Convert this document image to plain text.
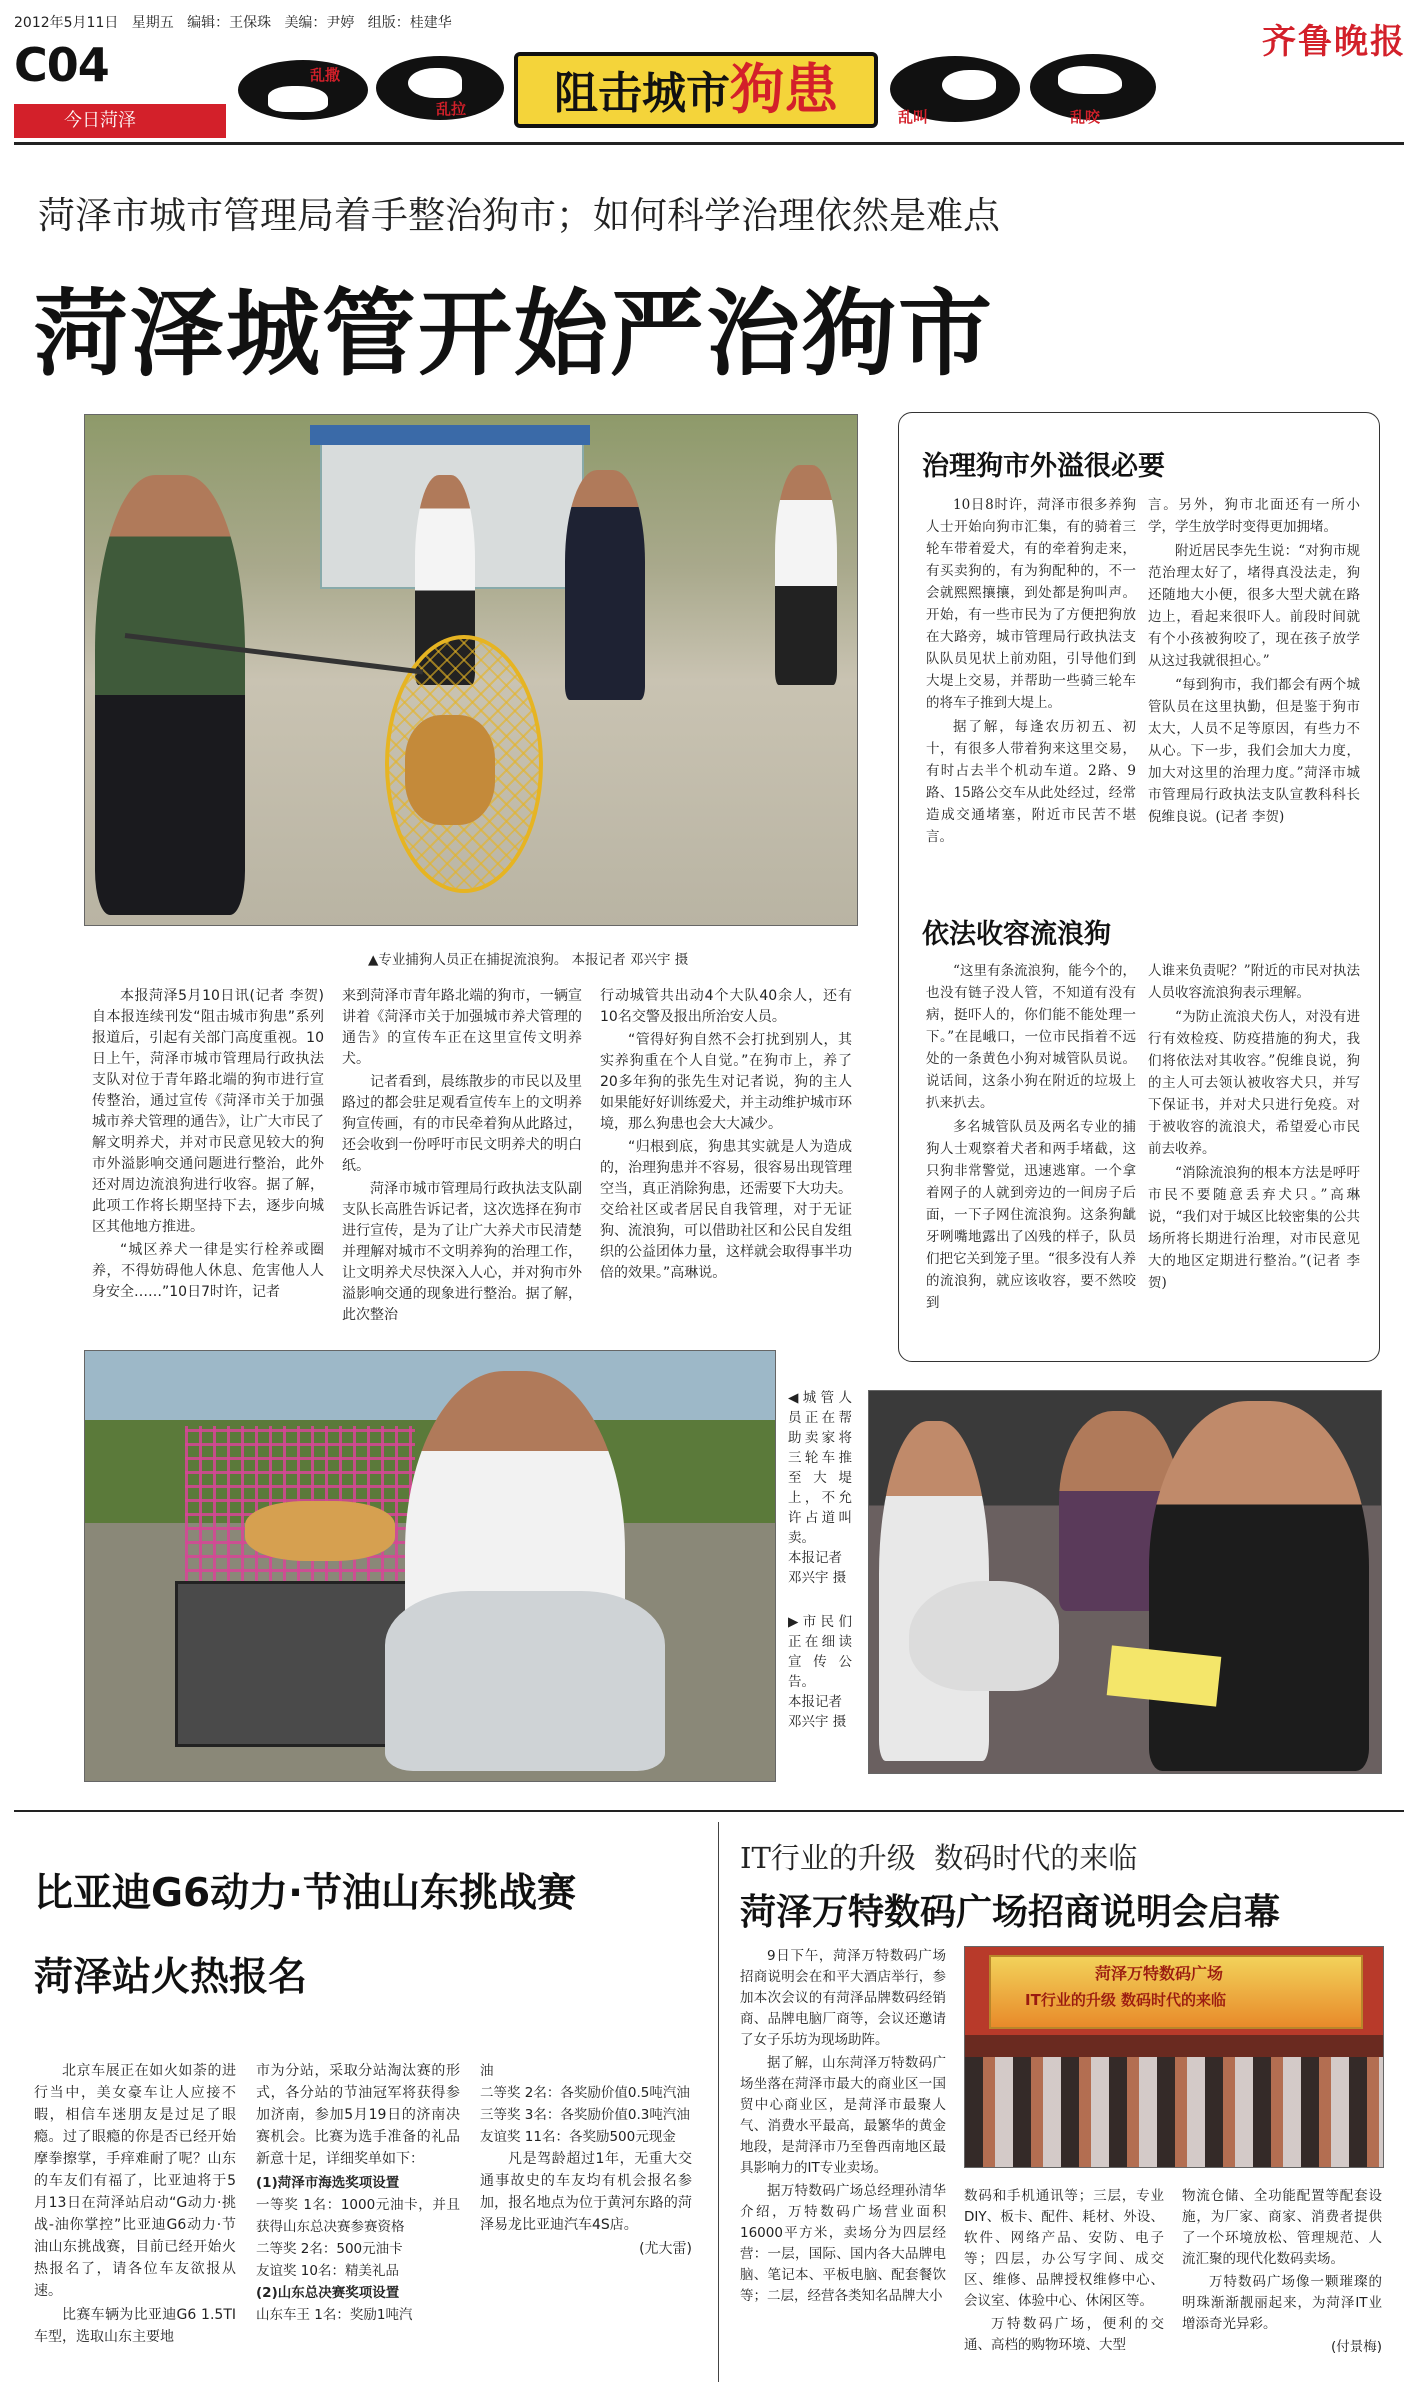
2012年5月11日 星期五 编辑：王保珠 美编：尹婷 组版：桂建华
C04
今日菏泽
齐鲁晚报
乱撒
乱拉	阻击城市狗患	乱叫	乱咬
菏泽市城市管理局着手整治狗市；如何科学治理依然是难点
菏泽城管开始严治狗市
▲专业捕狗人员正在捕捉流浪狗。 本报记者 邓兴宇 摄

本报菏泽5月10日讯(记者 李贺) 自本报连续刊发“阻击城市狗患”系列报道后，引起有关部门高度重视。10日上午，菏泽市城市管理局行政执法支队对位于青年路北端的狗市进行宣传整治，通过宣传《菏泽市关于加强城市养犬管理的通告》，让广大市民了解文明养犬，并对市民意见较大的狗市外溢影响交通问题进行整治，此外还对周边流浪狗进行收容。据了解，此项工作将长期坚持下去，逐步向城区其他地方推进。

“城区养犬一律是实行栓养或圈养，不得妨碍他人休息、危害他人人身安全……”10日7时许，记者

来到菏泽市青年路北端的狗市，一辆宣讲着《菏泽市关于加强城市养犬管理的通告》的宣传车正在这里宣传文明养犬。

记者看到，晨练散步的市民以及里路过的都会驻足观看宣传车上的文明养狗宣传画，有的市民牵着狗从此路过，还会收到一份呼吁市民文明养犬的明白纸。

菏泽市城市管理局行政执法支队副支队长高胜告诉记者，这次选择在狗市进行宣传，是为了让广大养犬市民清楚并理解对城市不文明养狗的治理工作，让文明养犬尽快深入人心，并对狗市外溢影响交通的现象进行整治。据了解，此次整治

行动城管共出动4个大队40余人，还有10名交警及报出所治安人员。

“管得好狗自然不会打扰到别人，其实养狗重在个人自觉。”在狗市上，养了20多年狗的张先生对记者说，狗的主人如果能好好训练爱犬，并主动维护城市环境，那么狗患也会大大减少。

“归根到底，狗患其实就是人为造成的，治理狗患并不容易，很容易出现管理空当，真正消除狗患，还需要下大功夫。交给社区或者居民自我管理，对于无证狗、流浪狗，可以借助社区和公民自发组织的公益团体力量，这样就会取得事半功倍的效果。”高琳说。

治理狗市外溢很必要

10日8时许，菏泽市很多养狗人士开始向狗市汇集，有的骑着三轮车带着爱犬，有的牵着狗走来，有买卖狗的，有为狗配种的，不一会就熙熙攘攘，到处都是狗叫声。开始，有一些市民为了方便把狗放在大路旁，城市管理局行政执法支队队员见状上前劝阻，引导他们到大堤上交易，并帮助一些骑三轮车的将车子推到大堤上。

据了解，每逢农历初五、初十，有很多人带着狗来这里交易，有时占去半个机动车道。2路、9路、15路公交车从此处经过，经常造成交通堵塞，附近市民苦不堪言。

言。另外，狗市北面还有一所小学，学生放学时变得更加拥堵。

附近居民李先生说：“对狗市规范治理太好了，堵得真没法走，狗还随地大小便，很多大型犬就在路边上，看起来很吓人。前段时间就有个小孩被狗咬了，现在孩子放学从这过我就很担心。”

“每到狗市，我们都会有两个城管队员在这里执勤，但是鉴于狗市太大，人员不足等原因，有些力不从心。下一步，我们会加大力度，加大对这里的治理力度。”菏泽市城市管理局行政执法支队宣教科科长倪维良说。(记者 李贺)

依法收容流浪狗

“这里有条流浪狗，能今个的，也没有链子没人管，不知道有没有病，挺吓人的，你们能不能处理一下。”在昆峨口，一位市民指着不远处的一条黄色小狗对城管队员说。说话间，这条小狗在附近的垃圾上扒来扒去。

多名城管队员及两名专业的捕狗人士观察着犬者和两手堵截，这只狗非常警觉，迅速逃窜。一个拿着网子的人就到旁边的一间房子后面，一下子网住流浪狗。这条狗龇牙咧嘴地露出了凶残的样子，队员们把它关到笼子里。“很多没有人养的流浪狗，就应该收容，要不然咬到

人谁来负责呢？”附近的市民对执法人员收容流浪狗表示理解。

“为防止流浪犬伤人，对没有进行有效检疫、防疫措施的狗犬，我们将依法对其收容。”倪维良说，狗的主人可去领认被收容犬只，并写下保证书，并对犬只进行免疫。对于被收容的流浪犬，希望爱心市民前去收养。

“消除流浪狗的根本方法是呼吁市民不要随意丢弃犬只。”高琳说，“我们对于城区比较密集的公共场所将长期进行治理，对市民意见大的地区定期进行整治。”(记者 李贺)

◀城管人员正在帮助卖家将三轮车推至大堤上，不允许占道叫卖。
本报记者
邓兴宇 摄
▶市民们正在细读宣传公告。
本报记者
邓兴宇 摄
比亚迪G6动力·节油山东挑战赛
菏泽站火热报名

北京车展正在如火如荼的进行当中，美女豪车让人应接不暇，相信车迷朋友是过足了眼瘾。过了眼瘾的你是否已经开始摩拳擦掌，手痒难耐了呢？山东的车友们有福了，比亚迪将于5月13日在菏泽站启动“G动力·挑战-油你掌控”比亚迪G6动力·节油山东挑战赛，目前已经开始火热报名了，请各位车友欲报从速。

比赛车辆为比亚迪G6 1.5TI车型，选取山东主要地

市为分站，采取分站淘汰赛的形式，各分站的节油冠军将获得参加济南，参加5月19日的济南决赛机会。比赛为选手准备的礼品新意十足，详细奖单如下：

(1)菏泽市海选奖项设置
一等奖 1名：1000元油卡，并且获得山东总决赛参赛资格
二等奖 2名：500元油卡
友谊奖 10名：精美礼品
(2)山东总决赛奖项设置
山东车王 1名：奖励1吨汽
油
二等奖 2名：各奖励价值0.5吨汽油
三等奖 3名：各奖励价值0.3吨汽油
友谊奖 11名：各奖励500元现金

凡是驾龄超过1年，无重大交通事故史的车友均有机会报名参加，报名地点为位于黄河东路的菏泽易龙比亚迪汽车4S店。

(尤大雷)
IT行业的升级  数码时代的来临
菏泽万特数码广场招商说明会启幕

9日下午，菏泽万特数码广场招商说明会在和平大酒店举行，参加本次会议的有菏泽品牌数码经销商、品牌电脑厂商等，会议还邀请了女子乐坊为现场助阵。

据了解，山东菏泽万特数码广场坐落在菏泽市最大的商业区一国贸中心商业区，是菏泽市最聚人气、消费水平最高，最繁华的黄金地段，是菏泽市乃至鲁西南地区最具影响力的IT专业卖场。

据万特数码广场总经理孙清华介绍，万特数码广场营业面积16000平方米，卖场分为四层经营：一层，国际、国内各大品牌电脑、笔记本、平板电脑、配套餐饮等；二层，经营各类知名品牌大小

菏泽万特数码广场
IT行业的升级 数码时代的来临

数码和手机通讯等；三层，专业DIY、板卡、配件、耗材、外设、软件、网络产品、安防、电子等；四层，办公写字间、成交区、维修、品牌授权维修中心、会议室、体验中心、休闲区等。

万特数码广场，便利的交通、高档的购物环境、大型

物流仓储、全功能配置等配套设施，为厂家、商家、消费者提供了一个环境放松、管理规范、人流汇聚的现代化数码卖场。

万特数码广场像一颗璀璨的明珠渐渐靓丽起来，为菏泽IT业增添奇光异彩。

(付景梅)
